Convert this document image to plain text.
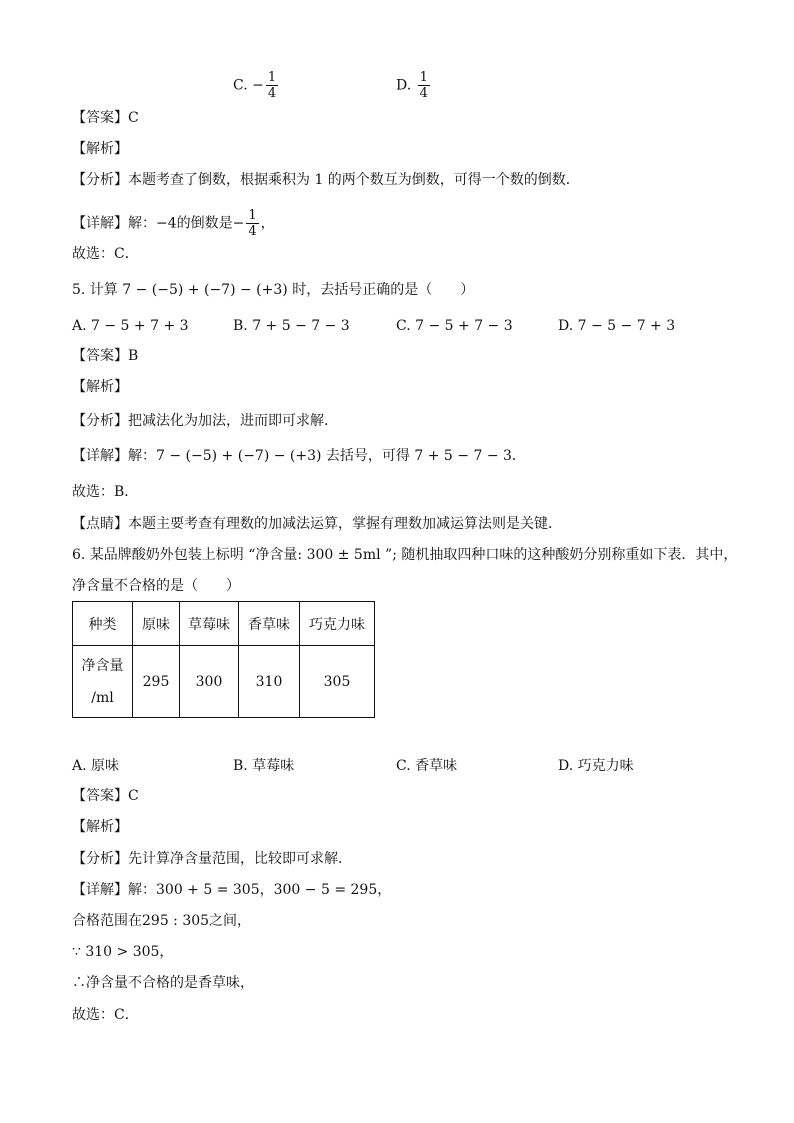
C. − $\frac{1}{4}$	D. $\frac{1}{4}$
【答案】C
【解析】
【分析】本题考查了倒数，根据乘积为 1 的两个数互为倒数，可得一个数的倒数．
【详解】解：−4的倒数是− $\frac{1}{4}$ ，
故选：C．
5. 计算 7 − (−5) + (−7) − (+3) 时，去括号正确的是（　　）
A. 7 − 5 + 7 + 3	B. 7 + 5 − 7 − 3	C. 7 − 5 + 7 − 3	D. 7 − 5 − 7 + 3
【答案】B
【解析】
【分析】把减法化为加法，进而即可求解．
【详解】解：7 − (−5) + (−7) − (+3) 去括号，可得 7 + 5 − 7 − 3．
故选：B．
【点睛】本题主要考查有理数的加减法运算，掌握有理数加减运算法则是关键．
6. 某品牌酸奶外包装上标明 “净含量: 300 ± 5ml ”; 随机抽取四种口味的这种酸奶分别称重如下表．其中，
净含量不合格的是（　　）
种类	原味	草莓味	香草味	巧克力味

净含量
/ml	295	300	310	305
A. 原味	B. 草莓味	C. 香草味	D. 巧克力味
【答案】C
【解析】
【分析】先计算净含量范围，比较即可求解．
【详解】解：300 + 5 = 305，300 − 5 = 295，
合格范围在295 : 305之间，
∵ 310 > 305，
∴净含量不合格的是香草味，
故选：C．
